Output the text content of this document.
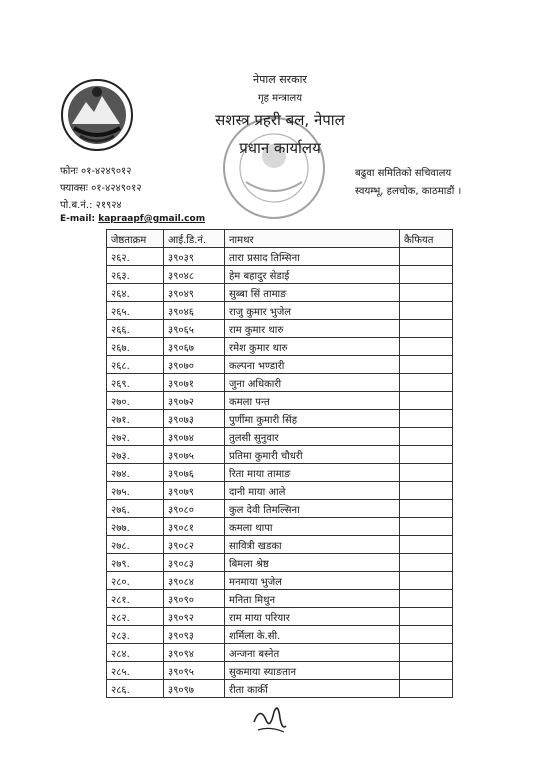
नेपाल सरकार
गृह मन्त्रालय
सशस्त्र प्रहरी बल, नेपाल
प्रधान कार्यालय
फोनः ०१-४२४९०१२
फ्याक्सः ०१-४२४९०१२
पो.ब.नं.: २१९२४
E-mail: kapraapf@gmail.com
बढुवा समितिको सचिवालय
स्वयम्भू, हलचोक, काठमाडौं ।
जेष्ठताक्रम	आई.डि.नं.	नामथर	कैफियत
२६२.	३९०३९	तारा प्रसाद तिम्सिना	
२६३.	३९०४८	हेम बहादुर सेडाई	
२६४.	३९०४९	सुब्बा सिं तामाङ	
२६५.	३९०४६	राजु कुमार भुजेल	
२६६.	३९०६५	राम कुमार थारु	
२६७.	३९०६७	रमेश कुमार थारु	
२६८.	३९०७०	कल्पना भण्डारी	
२६९.	३९०७१	जुना अधिकारी	
२७०.	३९०७२	कमला पन्त	
२७१.	३९०७३	पुर्णीमा कुमारी सिंह	
२७२.	३९०७४	तुलसी सुनुवार	
२७३.	३९०७५	प्रतिमा कुमारी चौधरी	
२७४.	३९०७६	रिता माया तामाङ	
२७५.	३९०७९	दानी माया आले	
२७६.	३९०८०	कुल देवी तिमल्सिना	
२७७.	३९०८१	कमला थापा	
२७८.	३९०८२	सावित्री खडका	
२७९.	३९०८३	बिमला श्रेष्ठ	
२८०.	३९०८४	मनमाया भुजेल	
२८१.	३९०९०	मनिता मिथुन	
२८२.	३९०९२	राम माया परियार	
२८३.	३९०९३	शर्मिला के.सी.	
२८४.	३९०९४	अन्जना बस्नेत	
२८५.	३९०९५	सुकमाया स्याङतान	
२८६.	३९०९७	रीता कार्की	
